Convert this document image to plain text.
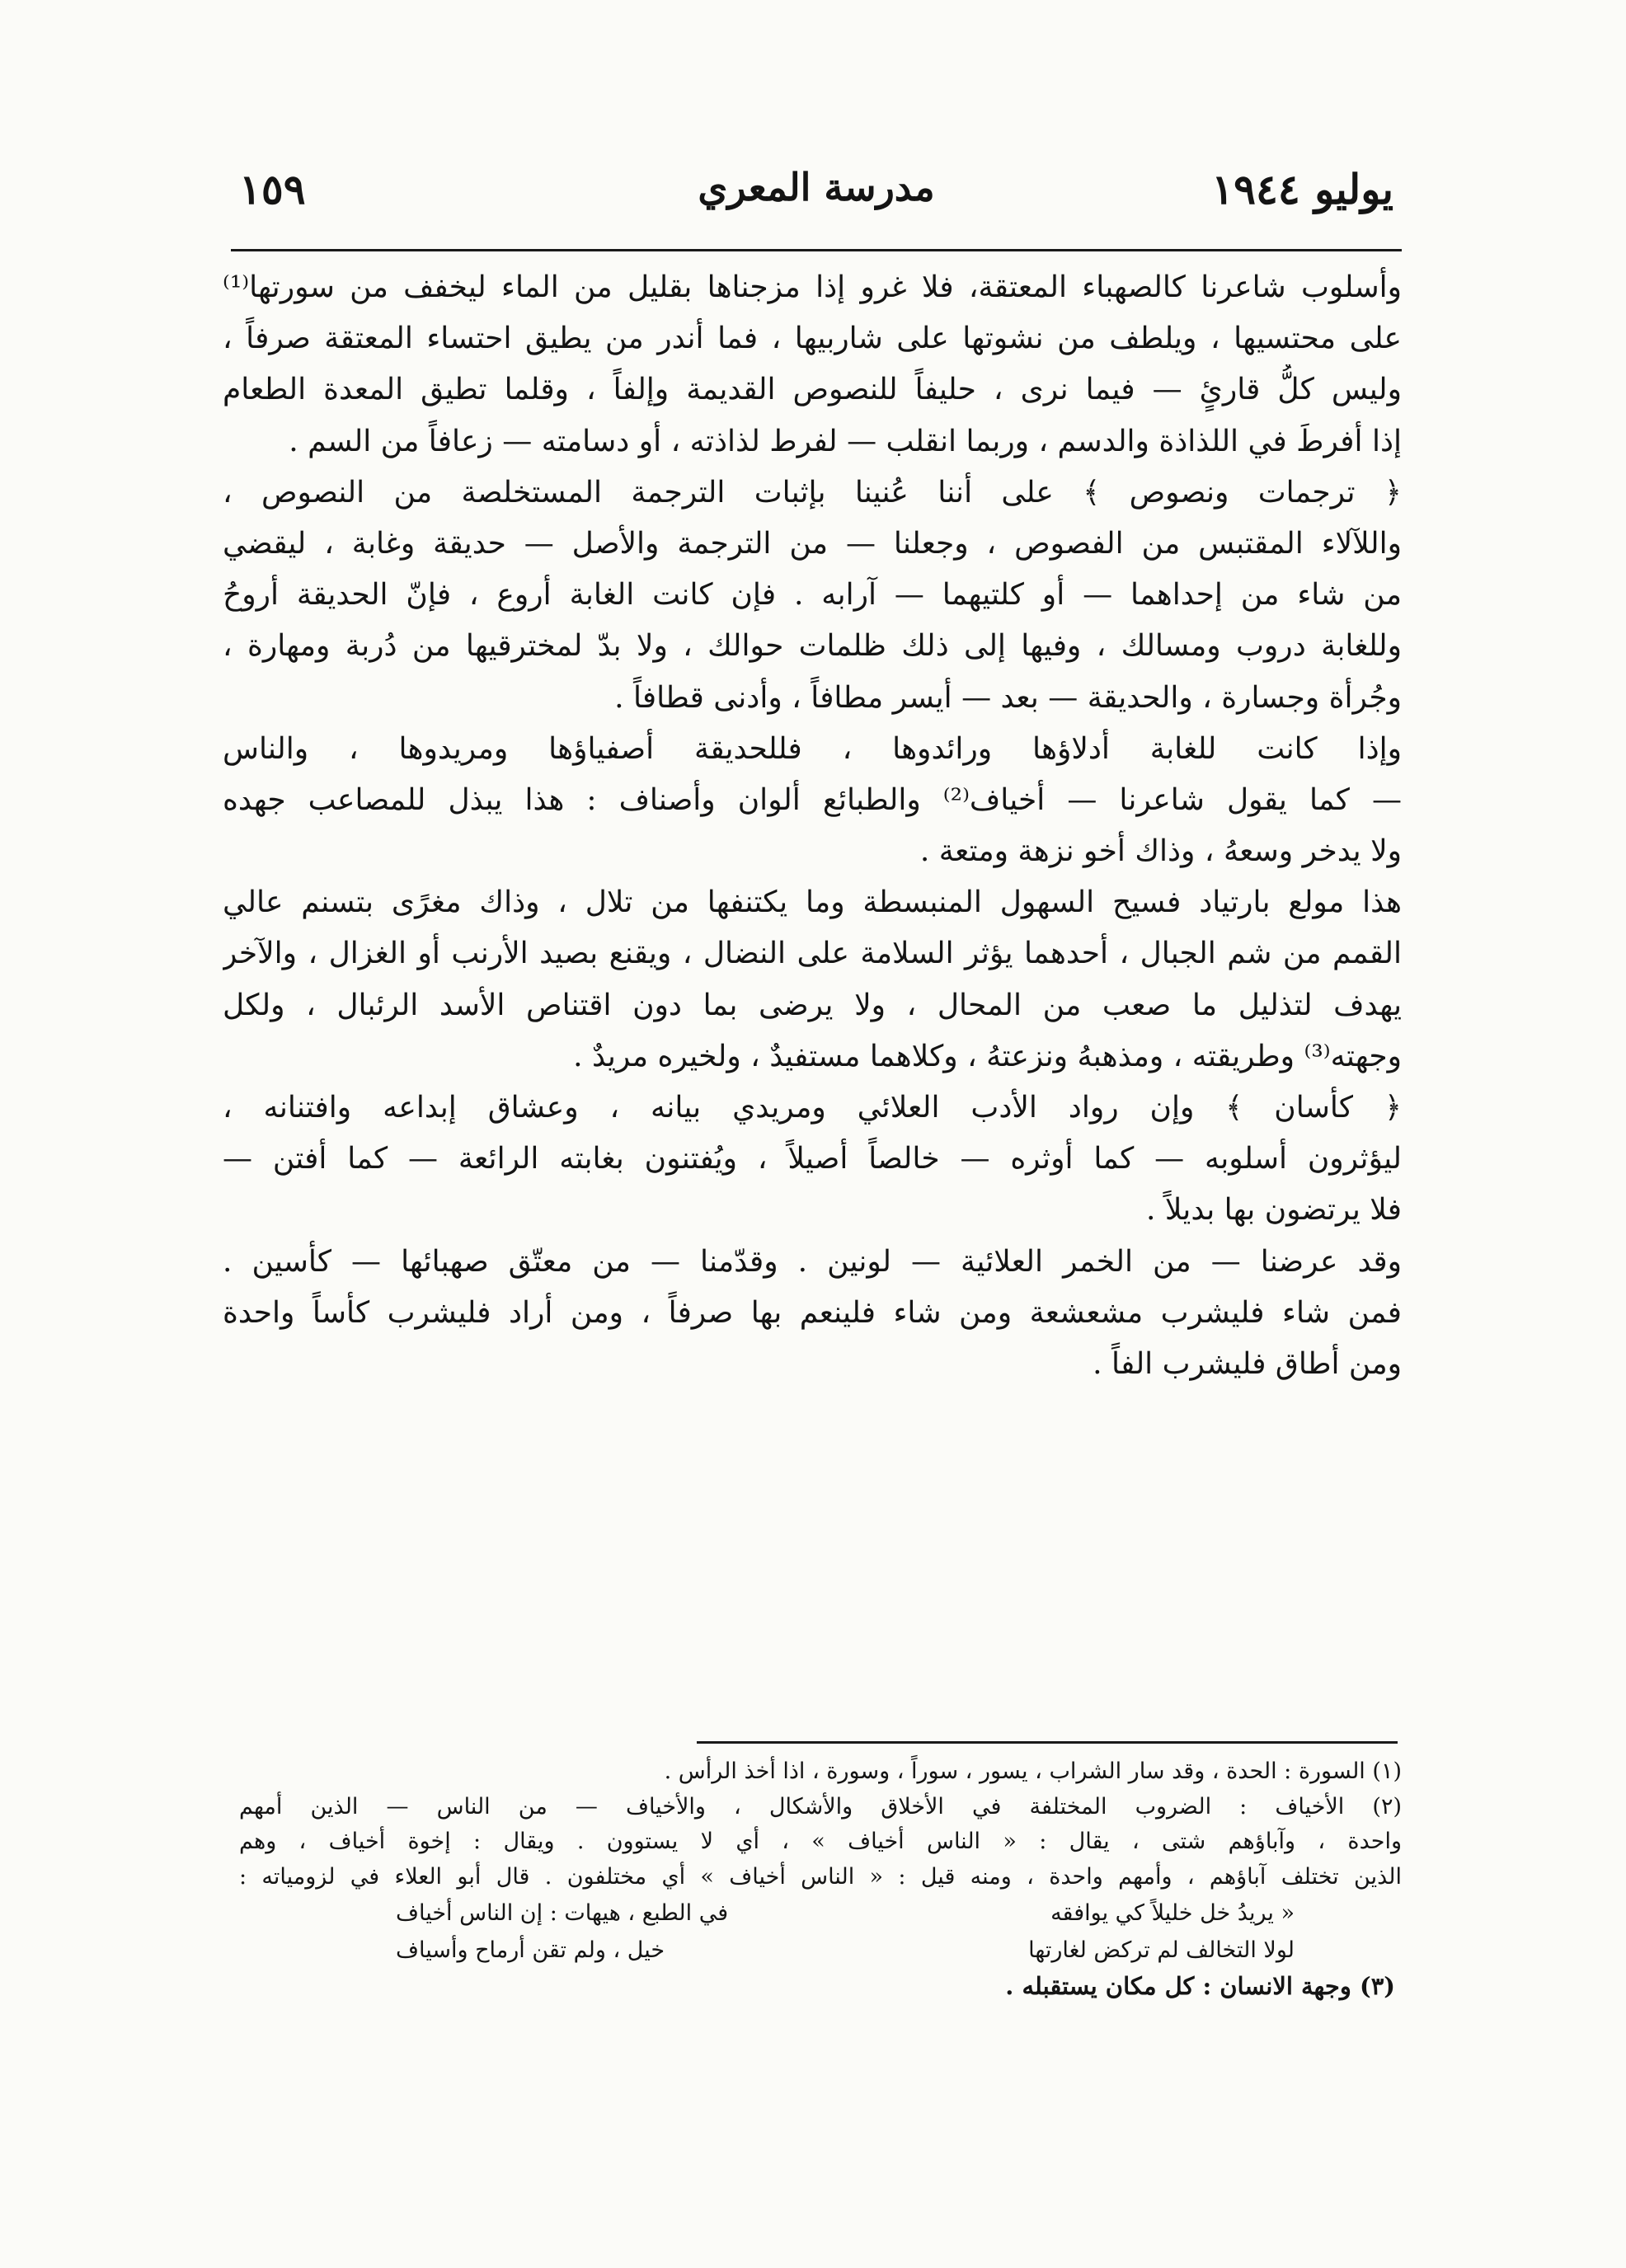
يوليو ١٩٤٤
مدرسة المعري
١٥٩
وأسلوب شاعرنا كالصهباء المعتقة، فلا غرو إذا مزجناها بقليل من الماء ليخفف من سورتها⁽¹⁾
على محتسيها ، ويلطف من نشوتها على شاربيها ، فما أندر من يطيق احتساء المعتقة صرفاً ،
وليس كلُّ قارئٍ — فيما نرى ، حليفاً للنصوص القديمة وإلفاً ، وقلما تطيق المعدة الطعام
إذا أفرطَ في اللذاذة والدسم ، وربما انقلب — لفرط لذاذته ، أو دسامته — زعافاً من السم .
﴿ ترجمات ونصوص ﴾ على أننا عُنينا بإثبات الترجمة المستخلصة من النصوص ،
واللآلاء المقتبس من الفصوص ، وجعلنا — من الترجمة والأصل — حديقة وغابة ، ليقضي
من شاء من إحداهما — أو كلتيهما — آرابه . فإن كانت الغابة أروع ، فإنّ الحديقة أروحُ
وللغابة دروب ومسالك ، وفيها إلى ذلك ظلمات حوالك ، ولا بدّ لمخترقيها من دُربة ومهارة ،
وجُرأة وجسارة ، والحديقة — بعد — أيسر مطافاً ، وأدنى قطافاً .
وإذا كانت للغابة أدلاؤها ورائدوها ، فللحديقة أصفياؤها ومريدوها ، والناس
— كما يقول شاعرنا — أخياف⁽²⁾ والطبائع ألوان وأصناف : هذا يبذل للمصاعب جهده
ولا يدخر وسعهُ ، وذاك أخو نزهة ومتعة .
هذا مولع بارتياد فسيح السهول المنبسطة وما يكتنفها من تلال ، وذاك مغرًى بتسنم عالي
القمم من شم الجبال ، أحدهما يؤثر السلامة على النضال ، ويقنع بصيد الأرنب أو الغزال ، والآخر
يهدف لتذليل ما صعب من المحال ، ولا يرضى بما دون اقتناص الأسد الرئبال ، ولكل
وجهته⁽³⁾ وطريقته ، ومذهبهُ ونزعتهُ ، وكلاهما مستفيدٌ ، ولخيره مريدٌ .
﴿ كأسان ﴾ وإن رواد الأدب العلائي ومريدي بيانه ، وعشاق إبداعه وافتنانه ،
ليؤثرون أسلوبه — كما أوثره — خالصاً أصيلاً ، ويُفتنون بغابته الرائعة — كما أفتن —
فلا يرتضون بها بديلاً .
وقد عرضنا — من الخمر العلائية — لونين . وقدّمنا — من معتّق صهبائها — كأسين .
فمن شاء فليشرب مشعشعة ومن شاء فلينعم بها صرفاً ، ومن أراد فليشرب كأساً واحدة
ومن أطاق فليشرب الفاً .
(١) السورة : الحدة ، وقد سار الشراب ، يسور ، سوراً ، وسورة ، اذا أخذ الرأس .
(٢) الأخياف : الضروب المختلفة في الأخلاق والأشكال ، والأخياف — من الناس — الذين أمهم
واحدة ، وآباؤهم شتى ، يقال : « الناس أخياف » ، أي لا يستوون . ويقال : إخوة أخياف ، وهم
الذين تختلف آباؤهم ، وأمهم واحدة ، ومنه قيل : « الناس أخياف » أي مختلفون . قال أبو العلاء في لزومياته :
« يريدُ خل خليلاً كي يوافقه
في الطبع ، هيهات : إن الناس أخياف
لولا التخالف لم تركض لغارتها
خيل ، ولم تقن أرماح وأسياف
(٣) وجهة الانسان : كل مكان يستقبله .
